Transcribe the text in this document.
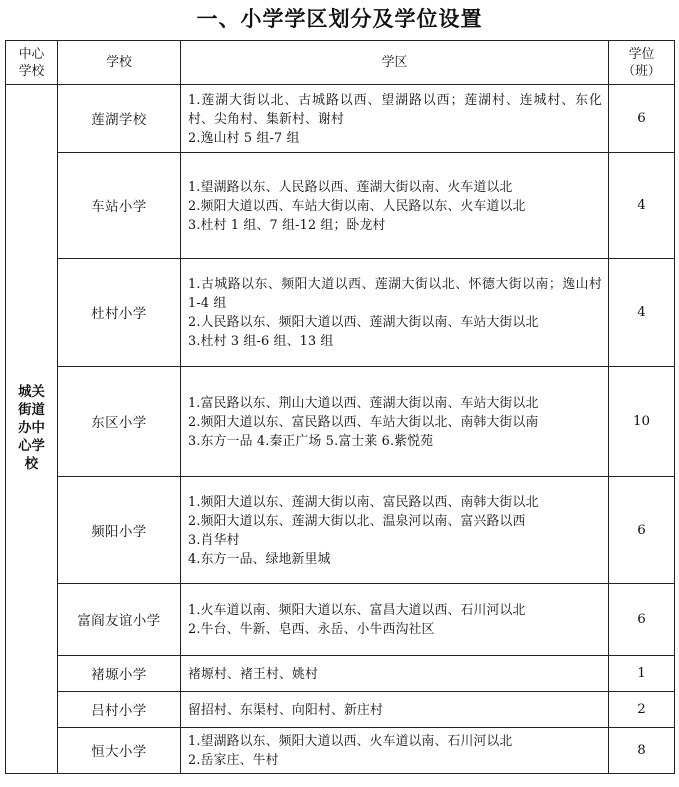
一、小学学区划分及学位设置
中心学校	学校	学区	学位（班）

城关街道办中心学校	莲湖学校	1.莲湖大街以北、古城路以西、望湖路以西；莲湖村、连城村、东化村、尖角村、集新村、谢村
2.逸山村 5 组-7 组	6
	车站小学	1.望湖路以东、人民路以西、莲湖大街以南、火车道以北
2.频阳大道以西、车站大街以南、人民路以东、火车道以北
3.杜村 1 组、7 组-12 组；卧龙村	4
	杜村小学	1.古城路以东、频阳大道以西、莲湖大街以北、怀德大街以南；逸山村 1-4 组
2.人民路以东、频阳大道以西、莲湖大街以南、车站大街以北
3.杜村 3 组-6 组、13 组	4
	东区小学	1.富民路以东、荆山大道以西、莲湖大街以南、车站大街以北
2.频阳大道以东、富民路以西、车站大街以北、南韩大街以南
3.东方一品 4.秦正广场 5.富士莱 6.紫悦苑	10
	频阳小学	1.频阳大道以东、莲湖大街以南、富民路以西、南韩大街以北
2.频阳大道以东、莲湖大街以北、温泉河以南、富兴路以西
3.肖华村
4.东方一品、绿地新里城	6
	富阎友谊小学	1.火车道以南、频阳大道以东、富昌大道以西、石川河以北
2.牛台、牛新、皂西、永岳、小牛西沟社区	6
	褚塬小学	褚塬村、褚王村、姚村	1
	吕村小学	留招村、东渠村、向阳村、新庄村	2
	恒大小学	1.望湖路以东、频阳大道以西、火车道以南、石川河以北
2.岳家庄、牛村	8
